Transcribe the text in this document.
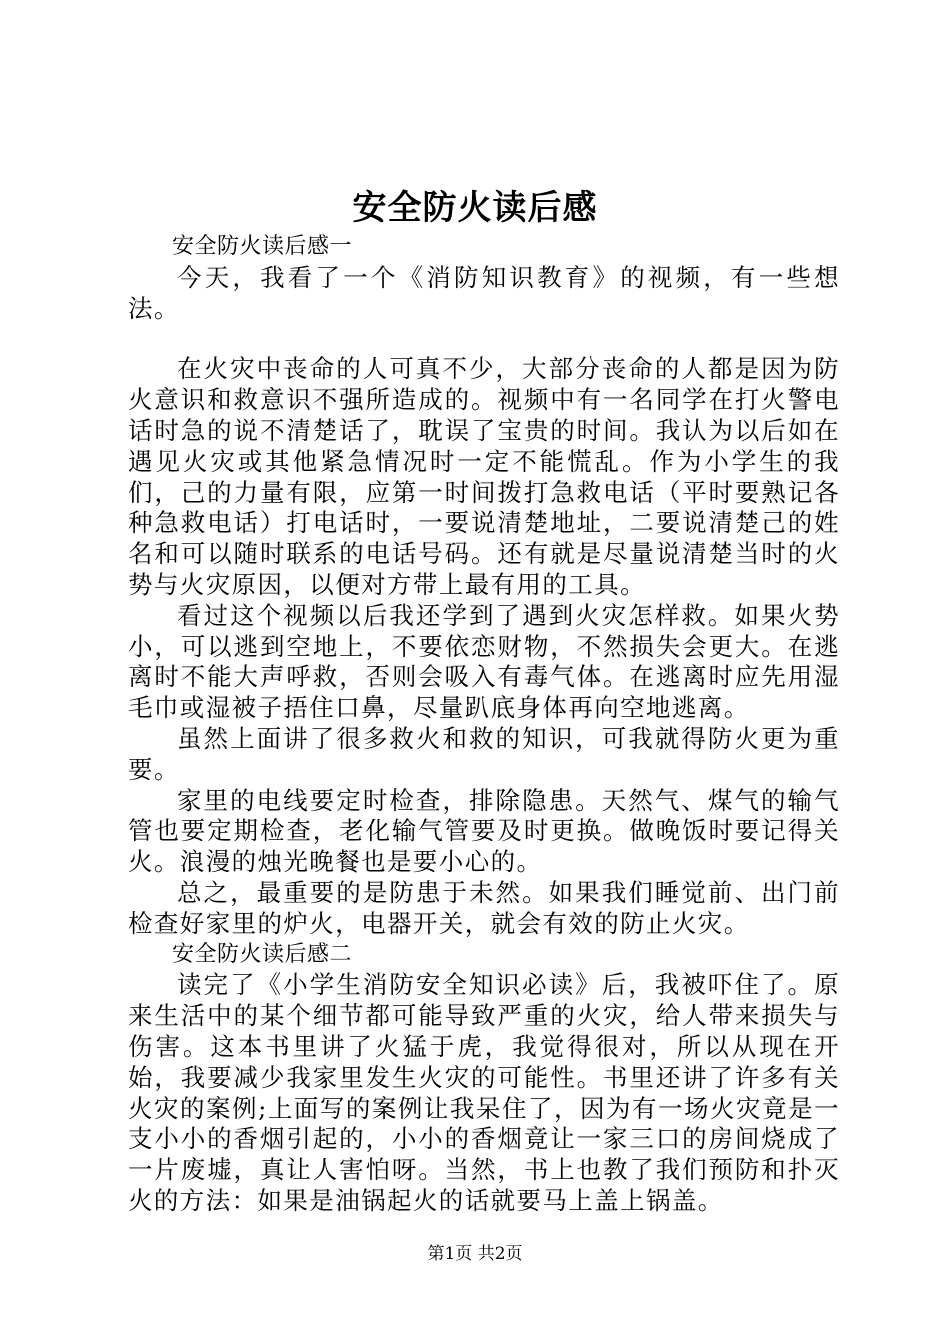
安全防火读后感

安全防火读后感一

今天，我看了一个《消防知识教育》的视频，有一些想法。

在火灾中丧命的人可真不少，大部分丧命的人都是因为防火意识和救意识不强所造成的。视频中有一名同学在打火警电话时急的说不清楚话了，耽误了宝贵的时间。我认为以后如在遇见火灾或其他紧急情况时一定不能慌乱。作为小学生的我们，己的力量有限，应第一时间拨打急救电话（平时要熟记各种急救电话）打电话时，一要说清楚地址，二要说清楚己的姓名和可以随时联系的电话号码。还有就是尽量说清楚当时的火势与火灾原因，以便对方带上最有用的工具。

看过这个视频以后我还学到了遇到火灾怎样救。如果火势小，可以逃到空地上，不要依恋财物，不然损失会更大。在逃离时不能大声呼救，否则会吸入有毒气体。在逃离时应先用湿毛巾或湿被子捂住口鼻，尽量趴底身体再向空地逃离。

虽然上面讲了很多救火和救的知识，可我就得防火更为重要。

家里的电线要定时检查，排除隐患。天然气、煤气的输气管也要定期检查，老化输气管要及时更换。做晚饭时要记得关火。浪漫的烛光晚餐也是要小心的。

总之，最重要的是防患于未然。如果我们睡觉前、出门前检查好家里的炉火，电器开关，就会有效的防止火灾。

安全防火读后感二

读完了《小学生消防安全知识必读》后，我被吓住了。原来生活中的某个细节都可能导致严重的火灾，给人带来损失与伤害。这本书里讲了火猛于虎，我觉得很对，所以从现在开始，我要减少我家里发生火灾的可能性。书里还讲了许多有关火灾的案例;上面写的案例让我呆住了，因为有一场火灾竟是一支小小的香烟引起的，小小的香烟竟让一家三口的房间烧成了一片废墟，真让人害怕呀。当然，书上也教了我们预防和扑灭火的方法：如果是油锅起火的话就要马上盖上锅盖。

第1页 共2页
